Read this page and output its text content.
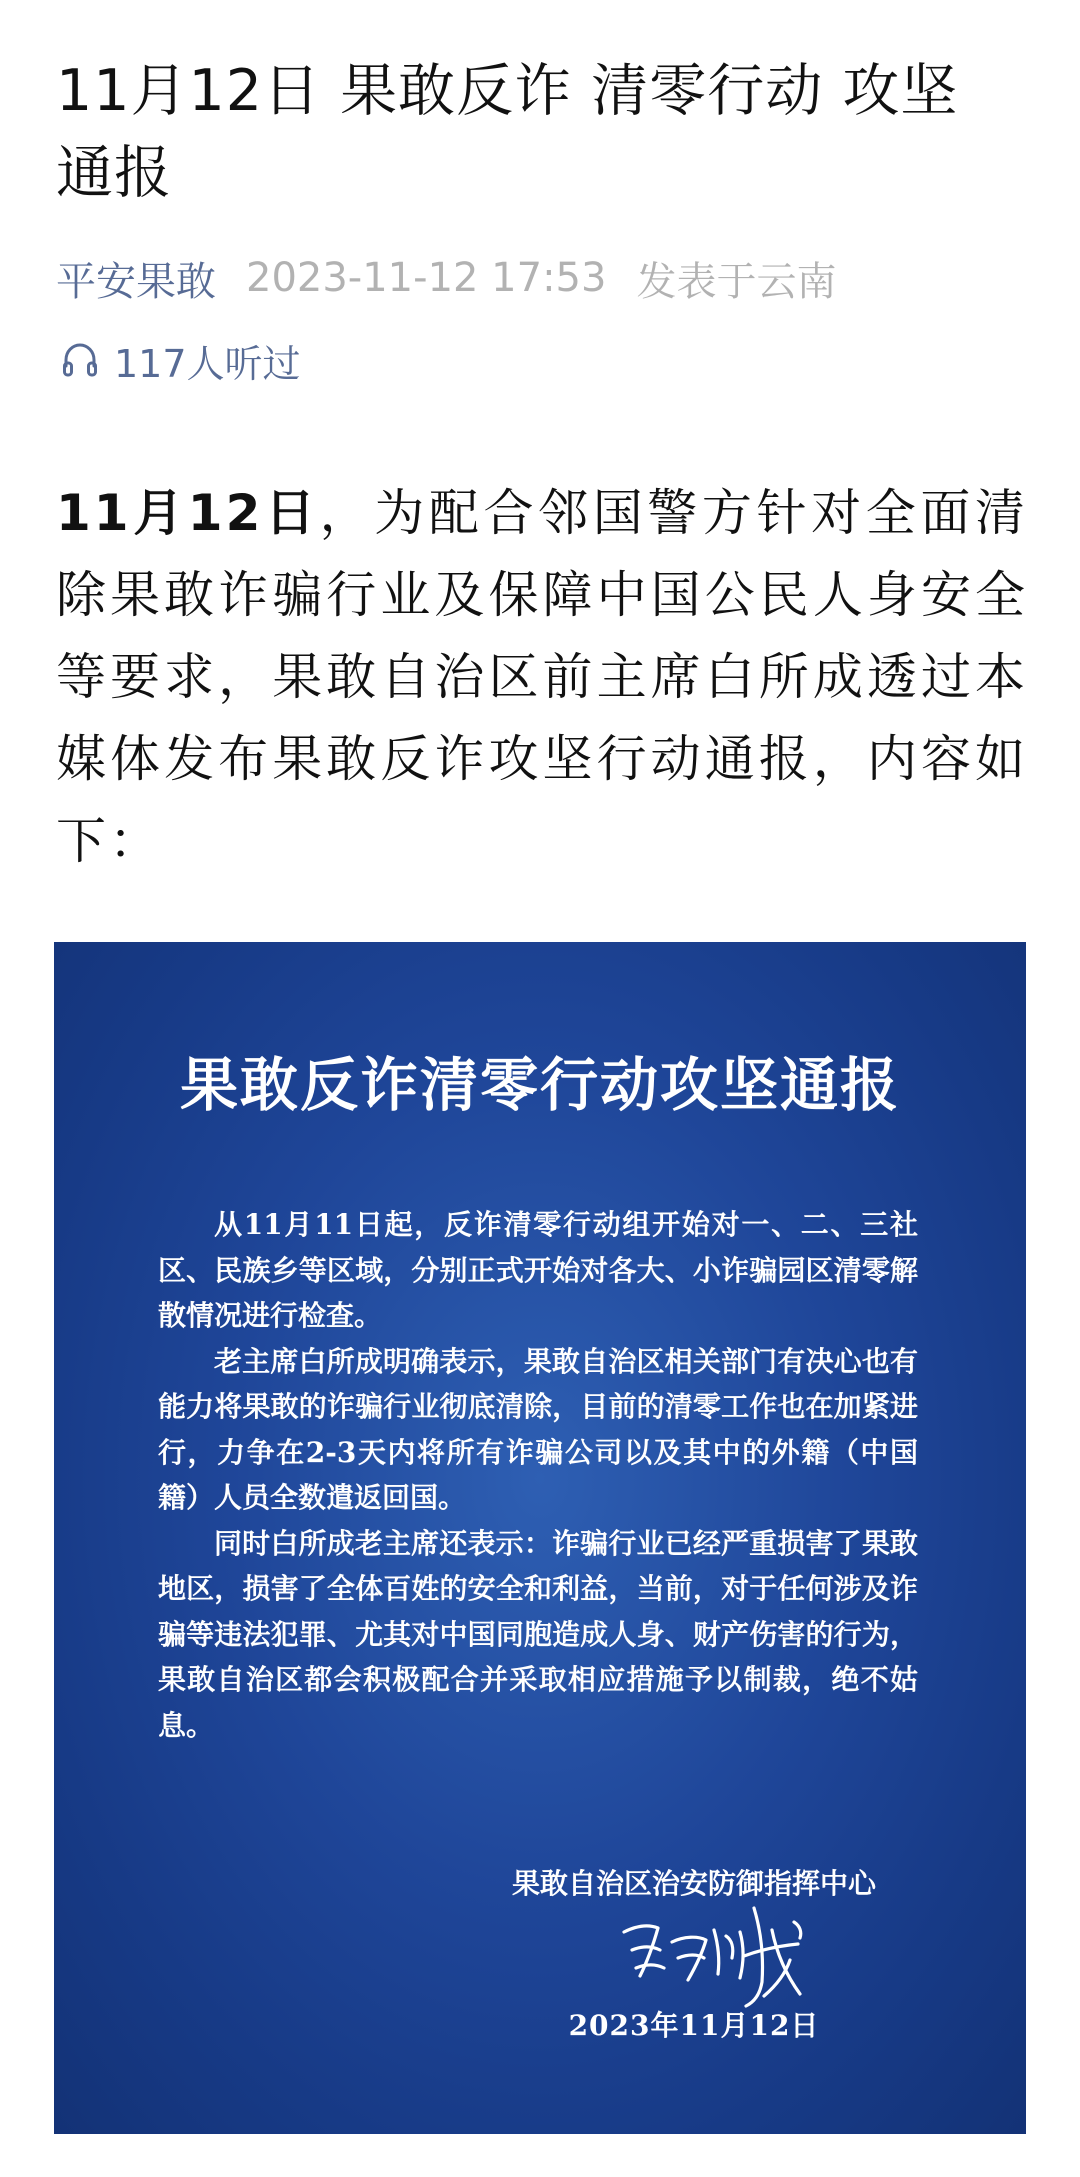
11月12日 果敢反诈 清零行动 攻坚通报
平安果敢 2023-11-12 17:53 发表于云南
117人听过

11月12日，为配合邻国警方针对全面清除果敢诈骗行业及保障中国公民人身安全等要求，果敢自治区前主席白所成透过本媒体发布果敢反诈攻坚行动通报，内容如下：

果敢反诈清零行动攻坚通报

从11月11日起，反诈清零行动组开始对一、二、三社区、民族乡等区域，分别正式开始对各大、小诈骗园区清零解散情况进行检查。

老主席白所成明确表示，果敢自治区相关部门有决心也有能力将果敢的诈骗行业彻底清除，目前的清零工作也在加紧进行，力争在2-3天内将所有诈骗公司以及其中的外籍（中国籍）人员全数遣返回国。

同时白所成老主席还表示：诈骗行业已经严重损害了果敢地区，损害了全体百姓的安全和利益，当前，对于任何涉及诈骗等违法犯罪、尤其对中国同胞造成人身、财产伤害的行为，果敢自治区都会积极配合并采取相应措施予以制裁，绝不姑息。

果敢自治区治安防御指挥中心
2023年11月12日
